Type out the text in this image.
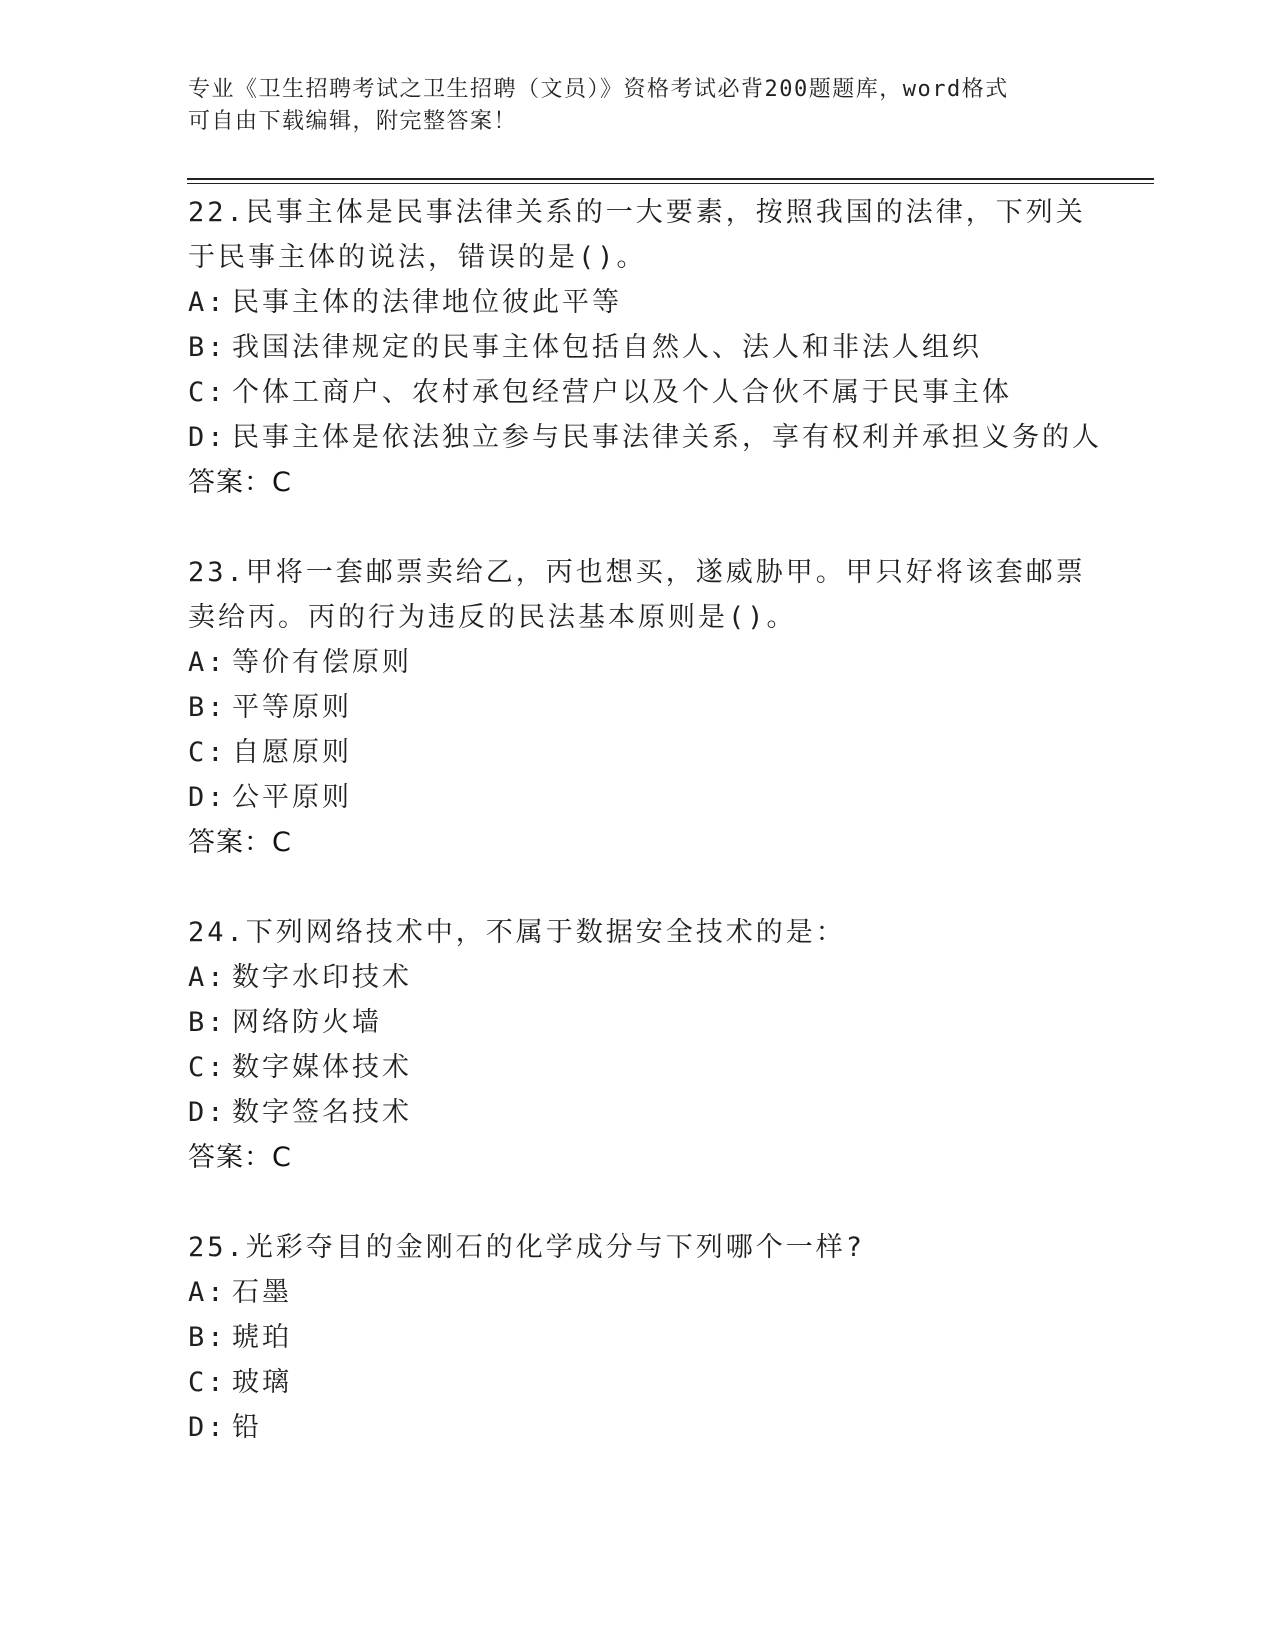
专业《卫生招聘考试之卫生招聘（文员）》资格考试必背200题题库，word格式
可自由下载编辑，附完整答案！
22.民事主体是民事法律关系的一大要素，按照我国的法律，下列关于民事主体的说法，错误的是()。
A: 民事主体的法律地位彼此平等
B: 我国法律规定的民事主体包括自然人、法人和非法人组织
C: 个体工商户、农村承包经营户以及个人合伙不属于民事主体
D: 民事主体是依法独立参与民事法律关系，享有权利并承担义务的人
答案：C
23.甲将一套邮票卖给乙，丙也想买，遂威胁甲。甲只好将该套邮票卖给丙。丙的行为违反的民法基本原则是()。
A: 等价有偿原则
B: 平等原则
C: 自愿原则
D: 公平原则
答案：C
24.下列网络技术中，不属于数据安全技术的是：
A: 数字水印技术
B: 网络防火墙
C: 数字媒体技术
D: 数字签名技术
答案：C
25.光彩夺目的金刚石的化学成分与下列哪个一样?
A: 石墨
B: 琥珀
C: 玻璃
D: 铅
